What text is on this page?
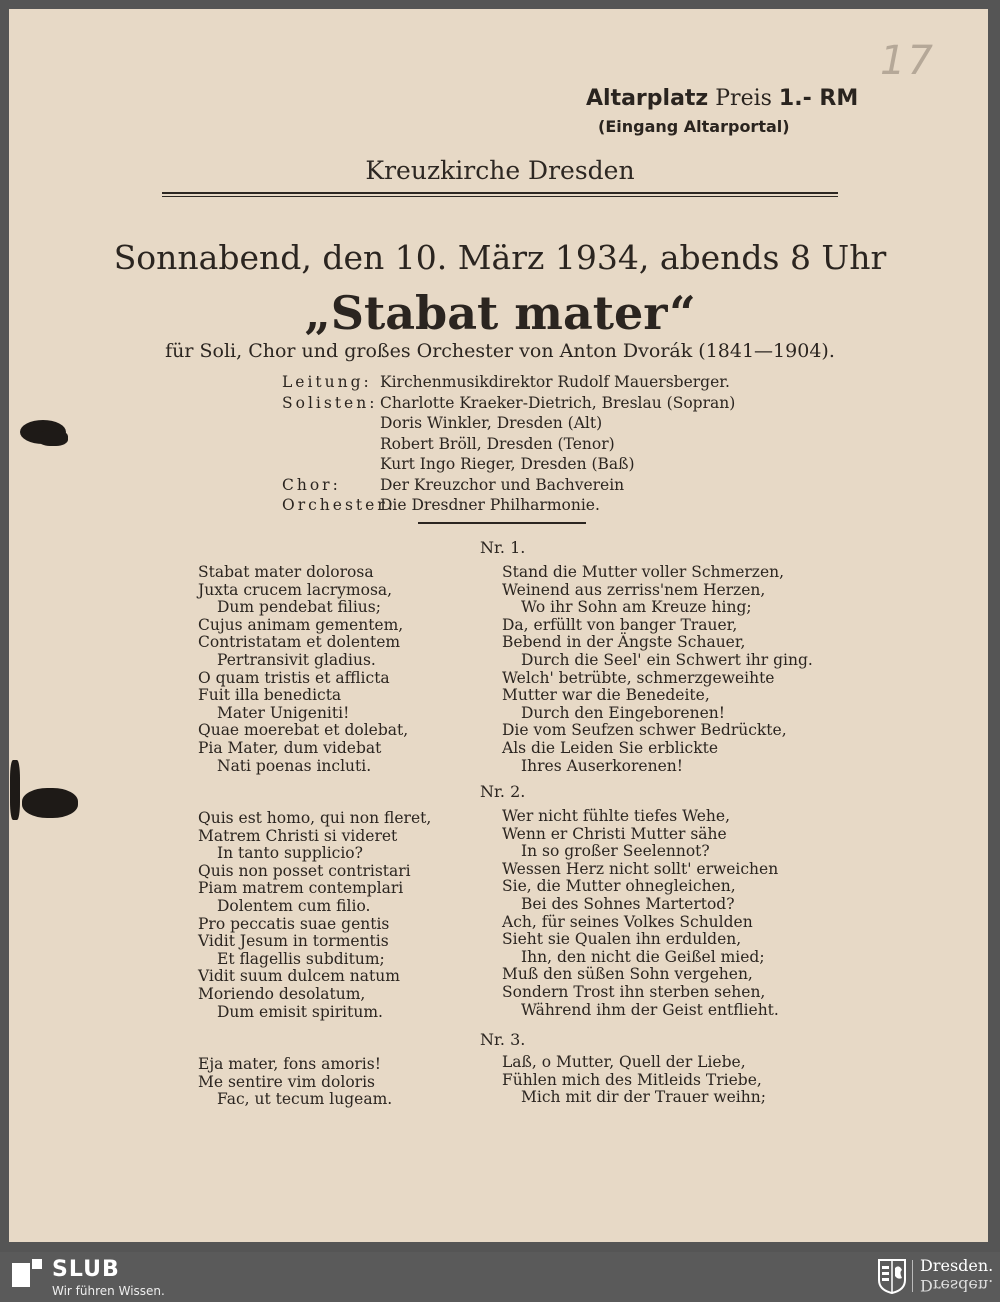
17
Altarplatz Preis 1.- RM
(Eingang Altarportal)
Kreuzkirche Dresden
Sonnabend, den 10. März 1934, abends 8 Uhr
„Stabat mater“
für Soli, Chor und großes Orchester von Anton Dvorák (1841—1904).
Leitung: Kirchenmusikdirektor Rudolf Mauersberger.
Solisten: Charlotte Kraeker-Dietrich, Breslau (Sopran)
Doris Winkler, Dresden (Alt)
Robert Bröll, Dresden (Tenor)
Kurt Ingo Rieger, Dresden (Baß)
Chor:	Der Kreuzchor und Bachverein
Orchester:
Die Dresdner Philharmonie.
Nr. 1.
Stabat mater dolorosa
Juxta crucem lacrymosa,
Dum pendebat filius;
Cujus animam gementem,
Contristatam et dolentem
Pertransivit gladius.
O quam tristis et afflicta
Fuit illa benedicta
Mater Unigeniti!
Quae moerebat et dolebat,
Pia Mater, dum videbat
Nati poenas incluti.
Stand die Mutter voller Schmerzen,
Weinend aus zerriss'nem Herzen,
Wo ihr Sohn am Kreuze hing;
Da, erfüllt von banger Trauer,
Bebend in der Ängste Schauer,
Durch die Seel' ein Schwert ihr ging.
Welch' betrübte, schmerzgeweihte
Mutter war die Benedeite,
Durch den Eingeborenen!
Die vom Seufzen schwer Bedrückte,
Als die Leiden Sie erblickte
Ihres Auserkorenen!
Nr. 2.
Quis est homo, qui non fleret,
Matrem Christi si videret
In tanto supplicio?
Quis non posset contristari
Piam matrem contemplari
Dolentem cum filio.
Pro peccatis suae gentis
Vidit Jesum in tormentis
Et flagellis subditum;
Vidit suum dulcem natum
Moriendo desolatum,
Dum emisit spiritum.
Wer nicht fühlte tiefes Wehe,
Wenn er Christi Mutter sähe
In so großer Seelennot?
Wessen Herz nicht sollt' erweichen
Sie, die Mutter ohnegleichen,
Bei des Sohnes Martertod?
Ach, für seines Volkes Schulden
Sieht sie Qualen ihn erdulden,
Ihn, den nicht die Geißel mied;
Muß den süßen Sohn vergehen,
Sondern Trost ihn sterben sehen,
Während ihm der Geist entflieht.
Nr. 3.
Eja mater, fons amoris!
Me sentire vim doloris
Fac, ut tecum lugeam.
Laß, o Mutter, Quell der Liebe,
Fühlen mich des Mitleids Triebe,
Mich mit dir der Trauer weihn;
SLUB
Wir führen Wissen.
Dresden.
Dresden.
